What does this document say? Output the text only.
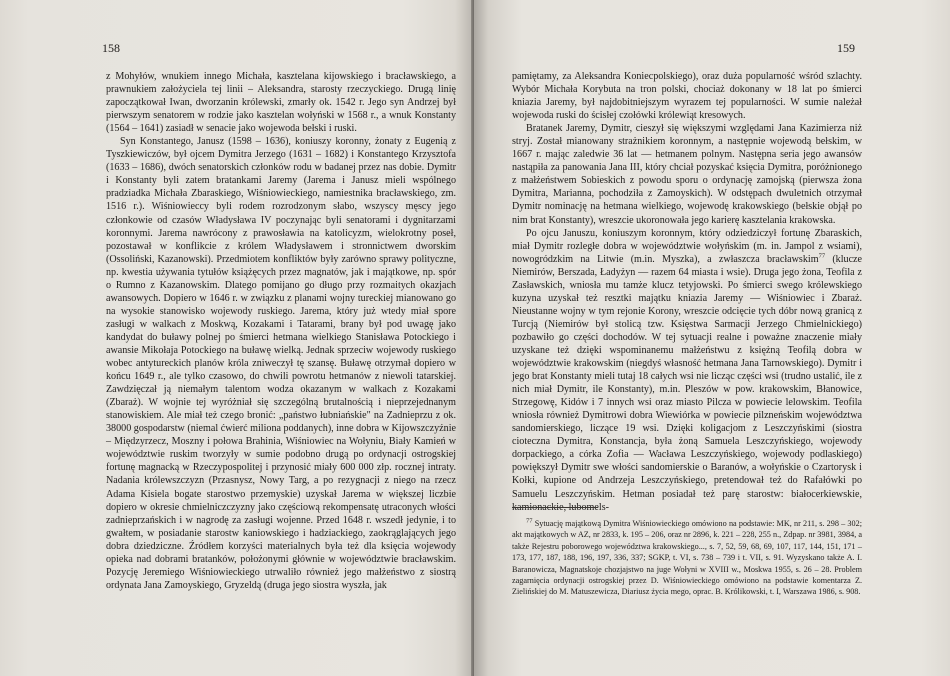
158

z Mohyłów, wnukiem innego Michała, kasztelana kijowskiego i bracławskiego, a prawnukiem założyciela tej linii – Aleksandra, starosty rzeczyckiego. Drugą linię zapoczątkował Iwan, dworzanin królewski, zmarły ok. 1542 r. Jego syn Andrzej był pierwszym senatorem w rodzie jako kasztelan wołyński w 1568 r., a wnuk Konstanty (1564 – 1641) zasiadł w senacie jako wojewoda bełski i ruski.

Syn Konstantego, Janusz (1598 – 1636), koniuszy koronny, żonaty z Eugenią z Tyszkiewiczów, był ojcem Dymitra Jerzego (1631 – 1682) i Konstantego Krzysztofa (1633 – 1686), dwóch senatorskich członków rodu w badanej przez nas dobie. Dymitr i Konstanty byli zatem bratankami Jaremy (Jarema i Janusz mieli wspólnego pradziadka Michała Zbaraskiego, Wiśniowieckiego, namiestnika bracławskiego, zm. 1516 r.). Wiśniowieccy byli rodem rozrodzonym słabo, wszyscy męscy jego członkowie od czasów Władysława IV poczynając byli senatorami i dygnitarzami koronnymi. Jarema nawrócony z prawosławia na katolicyzm, wielokrotny poseł, pozostawał w konflikcie z królem Władysławem i stronnictwem dworskim (Ossoliński, Kazanowski). Przedmiotem konfliktów były zarówno sprawy polityczne, np. kwestia używania tytułów książęcych przez magnatów, jak i majątkowe, np. spór o Rumno z Kazanowskim. Dlatego pomijano go długo przy rozmaitych okazjach awansowych. Dopiero w 1646 r. w związku z planami wojny tureckiej mianowano go na wysokie stanowisko wojewody ruskiego. Jarema, który już wtedy miał spore zasługi w walkach z Moskwą, Kozakami i Tatarami, brany był pod uwagę jako kandydat do buławy polnej po śmierci hetmana wielkiego Stanisława Potockiego i awansie Mikołaja Potockiego na buławę wielką. Jednak sprzeciw wojewody ruskiego wobec antytureckich planów króla zniweczył tę szansę. Buławę otrzymał dopiero w końcu 1649 r., ale tylko czasowo, do chwili powrotu hetmanów z niewoli tatarskiej. Zawdzięczał ją niemałym talentom wodza okazanym w walkach z Kozakami (Zbaraż). W wojnie tej wyróżniał się szczególną brutalnością i nieprzejednanym stanowiskiem. Ale miał też czego bronić: „państwo łubniańskie" na Zadnieprzu z ok. 38000 gospodarstw (niemal ćwierć miliona poddanych), inne dobra w Kijowszczyźnie – Międzyrzecz, Moszny i połowa Brahinia, Wiśniowiec na Wołyniu, Biały Kamień w województwie ruskim tworzyły w sumie podobno drugą po ordynacji ostrogskiej fortunę magnacką w Rzeczypospolitej i przynosić miały 600 000 złp. rocznej intraty. Nadania królewszczyzn (Przasnysz, Nowy Targ, a po rezygnacji z niego na rzecz Adama Kisiela bogate starostwo przemyskie) uzyskał Jarema w większej liczbie dopiero w okresie chmielniczczyzny jako częściową rekompensatę utraconych włości zadnieprzańskich i w nagrodę za zasługi wojenne. Przed 1648 r. wszedł jedynie, i to gwałtem, w posiadanie starostw kaniowskiego i hadziackiego, zaokrąglających jego dobra dziedziczne. Źródłem korzyści materialnych była też dla księcia wojewody opieka nad dobrami bratanków, położonymi głównie w województwie bracławskim. Pozycję Jeremiego Wiśniowieckiego utrwaliło również jego małżeństwo z siostrą ordynata Jana Zamoyskiego, Gryzeldą (druga jego siostra wyszła, jak

159

pamiętamy, za Aleksandra Koniecpolskiego), oraz duża popularność wśród szlachty. Wybór Michała Korybuta na tron polski, chociaż dokonany w 18 lat po śmierci kniazia Jaremy, był najdobitniejszym wyrazem tej popularności. W sumie należał wojewoda ruski do ścisłej czołówki królewiąt kresowych.

Bratanek Jaremy, Dymitr, cieszył się większymi względami Jana Kazimierza niż stryj. Został mianowany strażnikiem koronnym, a następnie wojewodą bełskim, w 1667 r. mając zaledwie 36 lat — hetmanem polnym. Następna seria jego awansów nastąpiła za panowania Jana III, który chciał pozyskać księcia Dymitra, poróżnionego z małżeństwem Sobieskich z powodu sporu o ordynację zamojską (pierwsza żona Dymitra, Marianna, pochodziła z Zamoyskich). W odstępach dwuletnich otrzymał Dymitr nominację na hetmana wielkiego, wojewodę krakowskiego (bełskie objął po nim brat Konstanty), wreszcie ukoronowała jego karierę kasztelania krakowska.

Po ojcu Januszu, koniuszym koronnym, który odziedziczył fortunę Zbaraskich, miał Dymitr rozległe dobra w województwie wołyńskim (m. in. Jampol z wsiami), nowogródzkim na Litwie (m.in. Myszka), a zwłaszcza bracławskim$^{77}$ (klucze Niemirów, Berszada, Ładyżyn — razem 64 miasta i wsie). Druga jego żona, Teofila z Zasławskich, wniosła mu tamże klucz tetyjowski. Po śmierci swego królewskiego kuzyna uzyskał też resztki majątku kniazia Jaremy — Wiśniowiec i Zbaraż. Nieustanne wojny w tym rejonie Korony, wreszcie odcięcie tych dóbr nową granicą z Turcją (Niemirów był stolicą tzw. Księstwa Sarmacji Jerzego Chmielnickiego) pozbawiło go części dochodów. W tej sytuacji realne i poważne znaczenie miały uzyskane też dzięki wspominanemu małżeństwu z księżną Teofilą dobra w województwie krakowskim (niegdyś własność hetmana Jana Tarnowskiego). Dymitr i jego brat Konstanty mieli tutaj 18 całych wsi nie licząc części wsi (trudno ustalić, ile z nich miał Dymitr, ile Konstanty), m.in. Pleszów w pow. krakowskim, Błanowice, Strzegowę, Kidów i 7 innych wsi oraz miasto Pilcza w powiecie lelowskim. Teofila wniosła również Dymitrowi dobra Wiewiórka w powiecie pilzneńskim województwa sandomierskiego, liczące 19 wsi. Dzięki koligacjom z Leszczyńskimi (siostra cioteczna Dymitra, Konstancja, była żoną Samuela Leszczyńskiego, wojewody dorpackiego, a córka Zofia — Wacława Leszczyńskiego, wojewody podlaskiego) powiększył Dymitr swe włości sandomierskie o Baranów, a wołyńskie o Czartorysk i Kołki, kupione od Andrzeja Leszczyńskiego, pretendował też do Rafałówki po Samuelu Leszczyńskim. Hetman posiadał też parę starostw: białocerkiewskie, kamionackie, lubomels-

$^{77}$ Sytuację majątkową Dymitra Wiśniowieckiego omówiono na podstawie: MK, nr 211, s. 298 – 302; akt majątkowych w AZ, nr 2833, k. 195 – 206, oraz nr 2896, k. 221 – 228, 255 n., Zdpap. nr 3981, 3984, a także Rejestru poborowego województwa krakowskiego..., s. 7, 52, 59, 68, 69, 107, 117, 144, 151, 171 – 173, 177, 187, 188, 196, 197, 336, 337; SGKP, t. VI, s. 738 – 739 i t. VII, s. 91. Wyzyskano także A. I. Baranowicza, Magnatskoje chozjajstwo na juge Wołyni w XVIII w., Moskwa 1955, s. 26 – 28. Problem zagarnięcia ordynacji ostrogskiej przez D. Wiśniowieckiego omówiono na podstawie komentarza Z. Zielińskiej do M. Matuszewicza, Diariusz życia mego, oprac. B. Królikowski, t. I, Warszawa 1986, s. 908.
